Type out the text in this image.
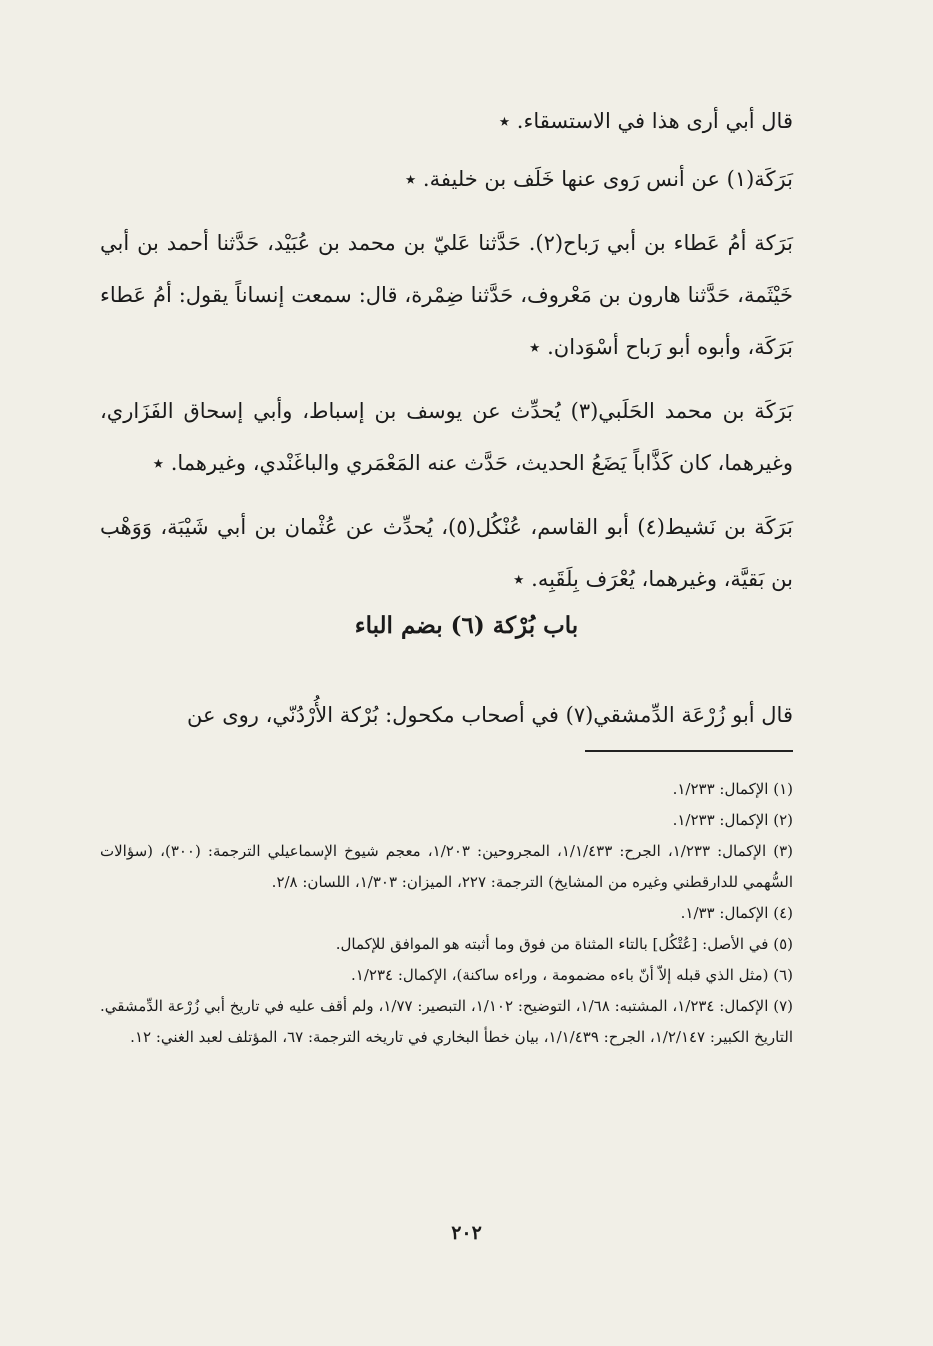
قال أبي أرى هذا في الاستسقاء. ٭

بَرَكَة(١) عن أنس رَوى عنها خَلَف بن خليفة. ٭

بَرَكة أمُ عَطاء بن أبي رَباح(٢). حَدَّثنا عَليّ بن محمد بن عُبَيْد، حَدَّثنا أحمد بن أبي خَيْثَمة، حَدَّثنا هارون بن مَعْروف، حَدَّثنا ضِمْرة، قال: سمعت إنساناً يقول: أمُ عَطاء بَرَكَة، وأبوه أبو رَباح أسْوَدان. ٭

بَرَكَة بن محمد الحَلَبي(٣) يُحدِّث عن يوسف بن إسباط، وأبي إسحاق الفَزَاري، وغيرهما، كان كَذَّاباً يَضَعُ الحديث، حَدَّث عنه المَعْمَري والباغَنْدي، وغيرهما. ٭

بَرَكَة بن نَشيط(٤) أبو القاسم، عُنْكُل(٥)، يُحدِّث عن عُثْمان بن أبي شَيْبَة، وَوَهْب بن بَقيَّة، وغيرهما، يُعْرَف بِلَقَبِه. ٭

باب بُرْكة (٦) بضم الباء

قال أبو زُرْعَة الدِّمشقي(٧) في أصحاب مكحول: بُرْكة الأُرْدُنّي، روى عن

(١) الإكمال: ١/٢٣٣.

(٢) الإكمال: ١/٢٣٣.

(٣) الإكمال: ١/٢٣٣، الجرح: ١/١/٤٣٣، المجروحين: ١/٢٠٣، معجم شيوخ الإسماعيلي الترجمة: (٣٠٠)، (سؤالات السُّهمي للدارقطني وغيره من المشايخ) الترجمة: ٢٢٧، الميزان: ١/٣٠٣، اللسان: ٢/٨.

(٤) الإكمال: ١/٣٣.

(٥) في الأصل: [عُتْكُل] بالتاء المثناة من فوق وما أثبته هو الموافق للإكمال.

(٦) (مثل الذي قبله إلاّ أنّ باءه مضمومة ، وراءه ساكنة)، الإكمال: ١/٢٣٤.

(٧) الإكمال: ١/٢٣٤، المشتبه: ١/٦٨، التوضيح: ١/١٠٢، التبصير: ١/٧٧، ولم أقف عليه في تاريخ أبي زُرْعة الدِّمشقي. التاريخ الكبير: ١/٢/١٤٧، الجرح: ١/١/٤٣٩، بيان خطأ البخاري في تاريخه الترجمة: ٦٧، المؤتلف لعبد الغني: ١٢.

٢٠٢
